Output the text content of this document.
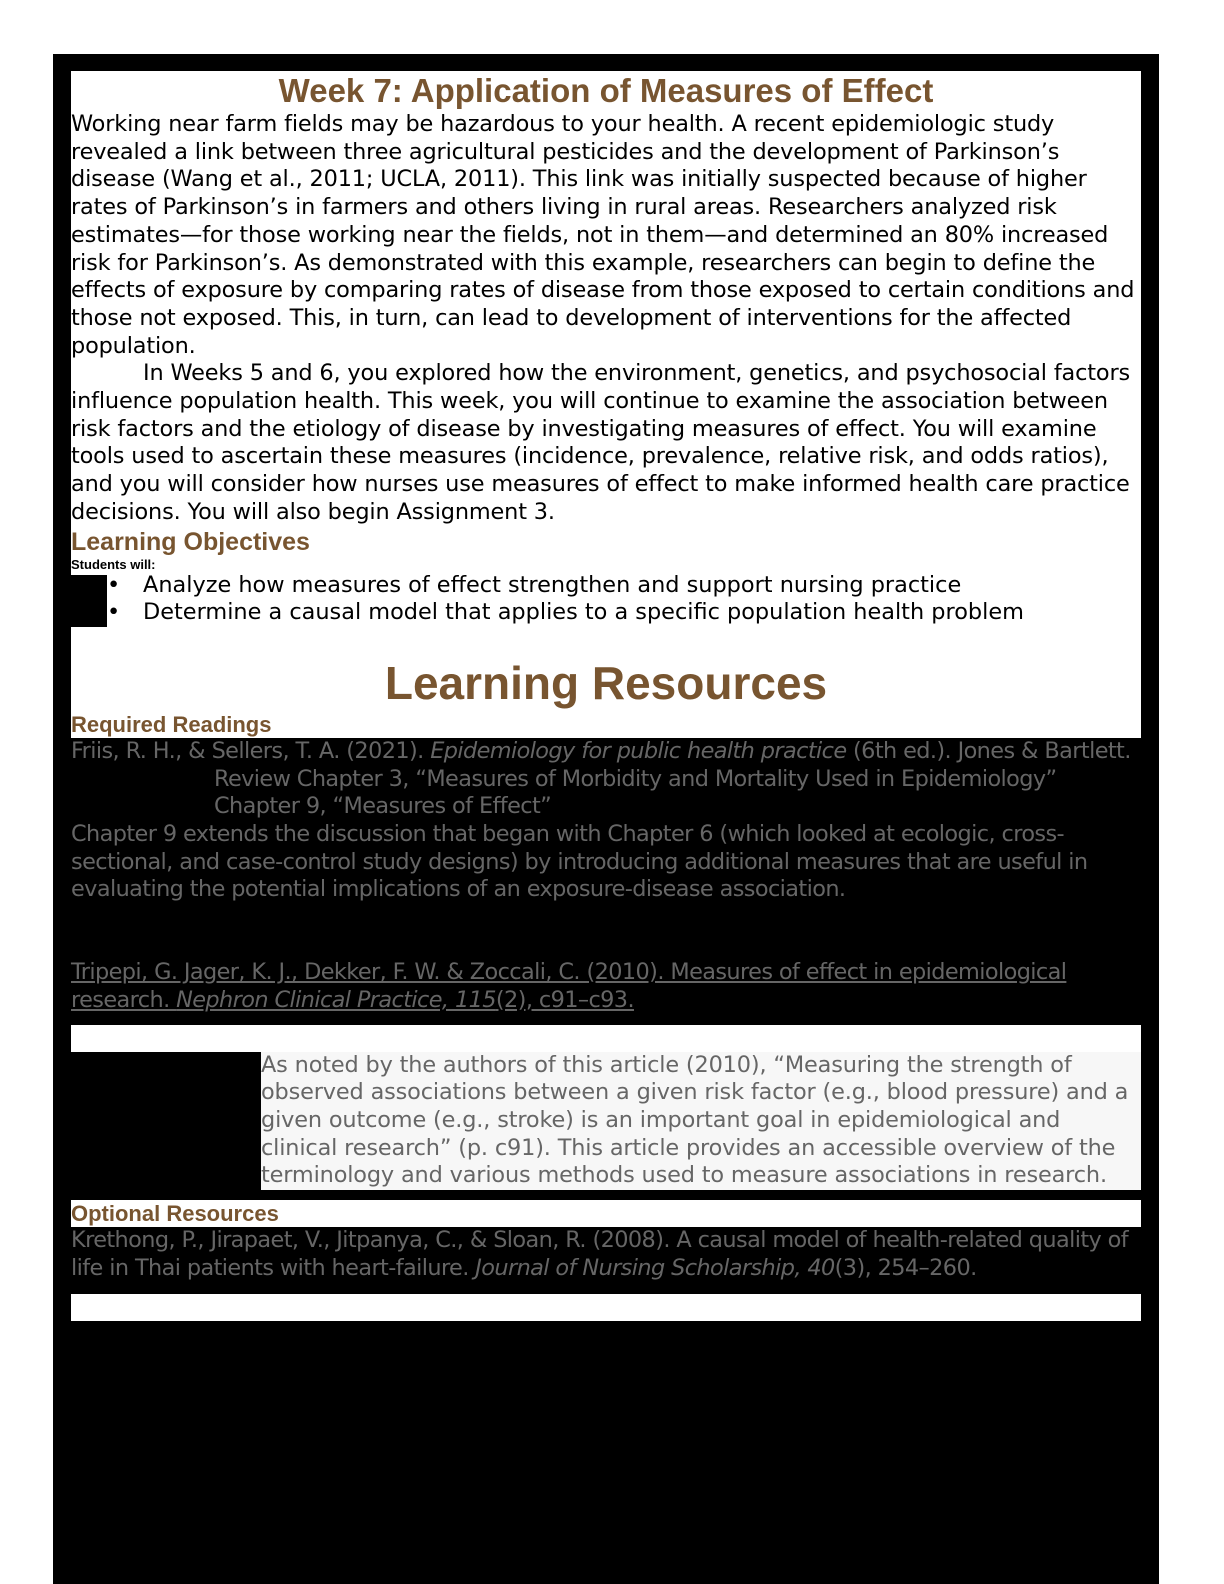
Week 7: Application of Measures of Effect

Working near farm fields may be hazardous to your health. A recent epidemiologic study revealed a link between three agricultural pesticides and the development of Parkinson’s disease (Wang et al., 2011; UCLA, 2011). This link was initially suspected because of higher rates of Parkinson’s in farmers and others living in rural areas. Researchers analyzed risk estimates—for those working near the fields, not in them—and determined an 80% increased risk for Parkinson’s. As demonstrated with this example, researchers can begin to define the effects of exposure by comparing rates of disease from those exposed to certain conditions and those not exposed. This, in turn, can lead to development of interventions for the affected population.

In Weeks 5 and 6, you explored how the environment, genetics, and psychosocial factors influence population health. This week, you will continue to examine the association between risk factors and the etiology of disease by investigating measures of effect. You will examine tools used to ascertain these measures (incidence, prevalence, relative risk, and odds ratios), and you will consider how nurses use measures of effect to make informed health care practice decisions. You will also begin Assignment 3.

Learning Objectives

Students will:

• Analyze how measures of effect strengthen and support nursing practice
• Determine a causal model that applies to a specific population health problem
Learning Resources
Required Readings

Friis, R. H., & Sellers, T. A. (2021). Epidemiology for public health practice (6th ed.). Jones & Bartlett.

Review Chapter 3, “Measures of Morbidity and Mortality Used in Epidemiology”

Chapter 9, “Measures of Effect”

Chapter 9 extends the discussion that began with Chapter 6 (which looked at ecologic, cross-sectional, and case-control study designs) by introducing additional measures that are useful in evaluating the potential implications of an exposure-disease association.

Tripepi, G. Jager, K. J., Dekker, F. W. & Zoccali, C. (2010). Measures of effect in epidemiological research. Nephron Clinical Practice, 115(2), c91–c93.

As noted by the authors of this article (2010), “Measuring the strength of observed associations between a given risk factor (e.g., blood pressure) and a given outcome (e.g., stroke) is an important goal in epidemiological and clinical research” (p. c91). This article provides an accessible overview of the terminology and various methods used to measure associations in research.
Optional Resources

Krethong, P., Jirapaet, V., Jitpanya, C., & Sloan, R. (2008). A causal model of health-related quality of life in Thai patients with heart-failure. Journal of Nursing Scholarship, 40(3), 254–260.
